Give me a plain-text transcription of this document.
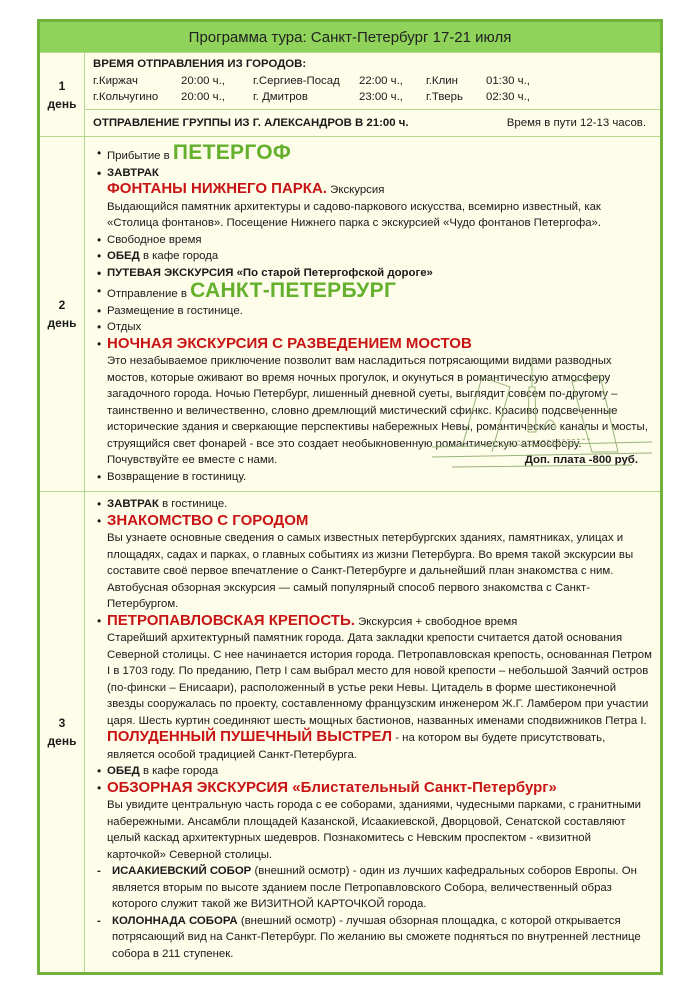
Программа тура: Санкт-Петербург 17-21 июля
1
день
ВРЕМЯ ОТПРАВЛЕНИЯ ИЗ ГОРОДОВ:
г.Киржач	20:00 ч.,	г.Сергиев-Посад	22:00 ч.,	г.Клин	01:30 ч.,
г.Кольчугино	20:00 ч.,	г. Дмитров	23:00 ч.,	г.Тверь	02:30 ч.,
ОТПРАВЛЕНИЕ ГРУППЫ ИЗ Г. АЛЕКСАНДРОВ В 21:00 ч.	Время в пути 12-13 часов.
2
день
• Прибытие в ПЕТЕРГОФ
• ЗАВТРАК
ФОНТАНЫ НИЖНЕГО ПАРКА. Экскурсия
Выдающийся памятник архитектуры и садово-паркового искусства, всемирно известный, как «Столица фонтанов». Посещение Нижнего парка с экскурсией «Чудо фонтанов Петергофа».
• Свободное время
• ОБЕД в кафе города
• ПУТЕВАЯ ЭКСКУРСИЯ «По старой Петергофской дороге»
• Отправление в САНКТ-ПЕТЕРБУРГ
• Размещение в гостинице.
• Отдых
• НОЧНАЯ ЭКСКУРСИЯ С РАЗВЕДЕНИЕМ МОСТОВ
Это незабываемое приключение позволит вам насладиться потрясающими видами разводных мостов, которые оживают во время ночных прогулок, и окунуться в романтическую атмосферу загадочного города. Ночью Петербург, лишенный дневной суеты, выглядит совсем по-другому – таинственно и величественно, словно дремлющий мистический сфинкс. Красиво подсвеченные исторические здания и сверкающие перспективы набережных Невы, романтические каналы и мосты, струящийся свет фонарей - все это создает необыкновенную романтическую атмосферу.
Почувствуйте ее вместе с нами.	Доп. плата -800 руб.
• Возвращение в гостиницу.
3
день
• ЗАВТРАК в гостинице.
• ЗНАКОМСТВО С ГОРОДОМ
Вы узнаете основные сведения о самых известных петербургских зданиях, памятниках, улицах и площадях, садах и парках, о главных событиях из жизни Петербурга. Во время такой экскурсии вы составите своё первое впечатление о Санкт-Петербурге и дальнейший план знакомства с ним. Автобусная обзорная экскурсия — самый популярный способ первого знакомства с Санкт-Петербургом.
• ПЕТРОПАВЛОВСКАЯ КРЕПОСТЬ. Экскурсия + свободное время
Старейший архитектурный памятник города. Дата закладки крепости считается датой основания Северной столицы. С нее начинается история города. Петропавловская крепость, основанная Петром I в 1703 году. По преданию, Петр I сам выбрал место для новой крепости – небольшой Заячий остров (по-фински – Енисаари), расположенный в устье реки Невы. Цитадель в форме шестиконечной звезды сооружалась по проекту, составленному французским инженером Ж.Г. Ламбером при участии царя. Шесть куртин соединяют шесть мощных бастионов, названных именами сподвижников Петра I.
ПОЛУДЕННЫЙ ПУШЕЧНЫЙ ВЫСТРЕЛ - на котором вы будете присутствовать, является особой традицией Санкт-Петербурга.
• ОБЕД в кафе города
• ОБЗОРНАЯ ЭКСКУРСИЯ «Блистательный Санкт-Петербург»
Вы увидите центральную часть города с ее соборами, зданиями, чудесными парками, с гранитными набережными. Ансамбли площадей Казанской, Исаакиевской, Дворцовой, Сенатской составляют целый каскад архитектурных шедевров. Познакомитесь с Невским проспектом - «визитной карточкой» Северной столицы.
- ИСААКИЕВСКИЙ СОБОР (внешний осмотр) - один из лучших кафедральных соборов Европы. Он является вторым по высоте зданием после Петропавловского Собора, величественный образ которого служит такой же ВИЗИТНОЙ КАРТОЧКОЙ города.
- КОЛОННАДА СОБОРА (внешний осмотр) - лучшая обзорная площадка, с которой открывается потрясающий вид на Санкт-Петербург. По желанию вы сможете подняться по внутренней лестнице собора в 211 ступенек.
